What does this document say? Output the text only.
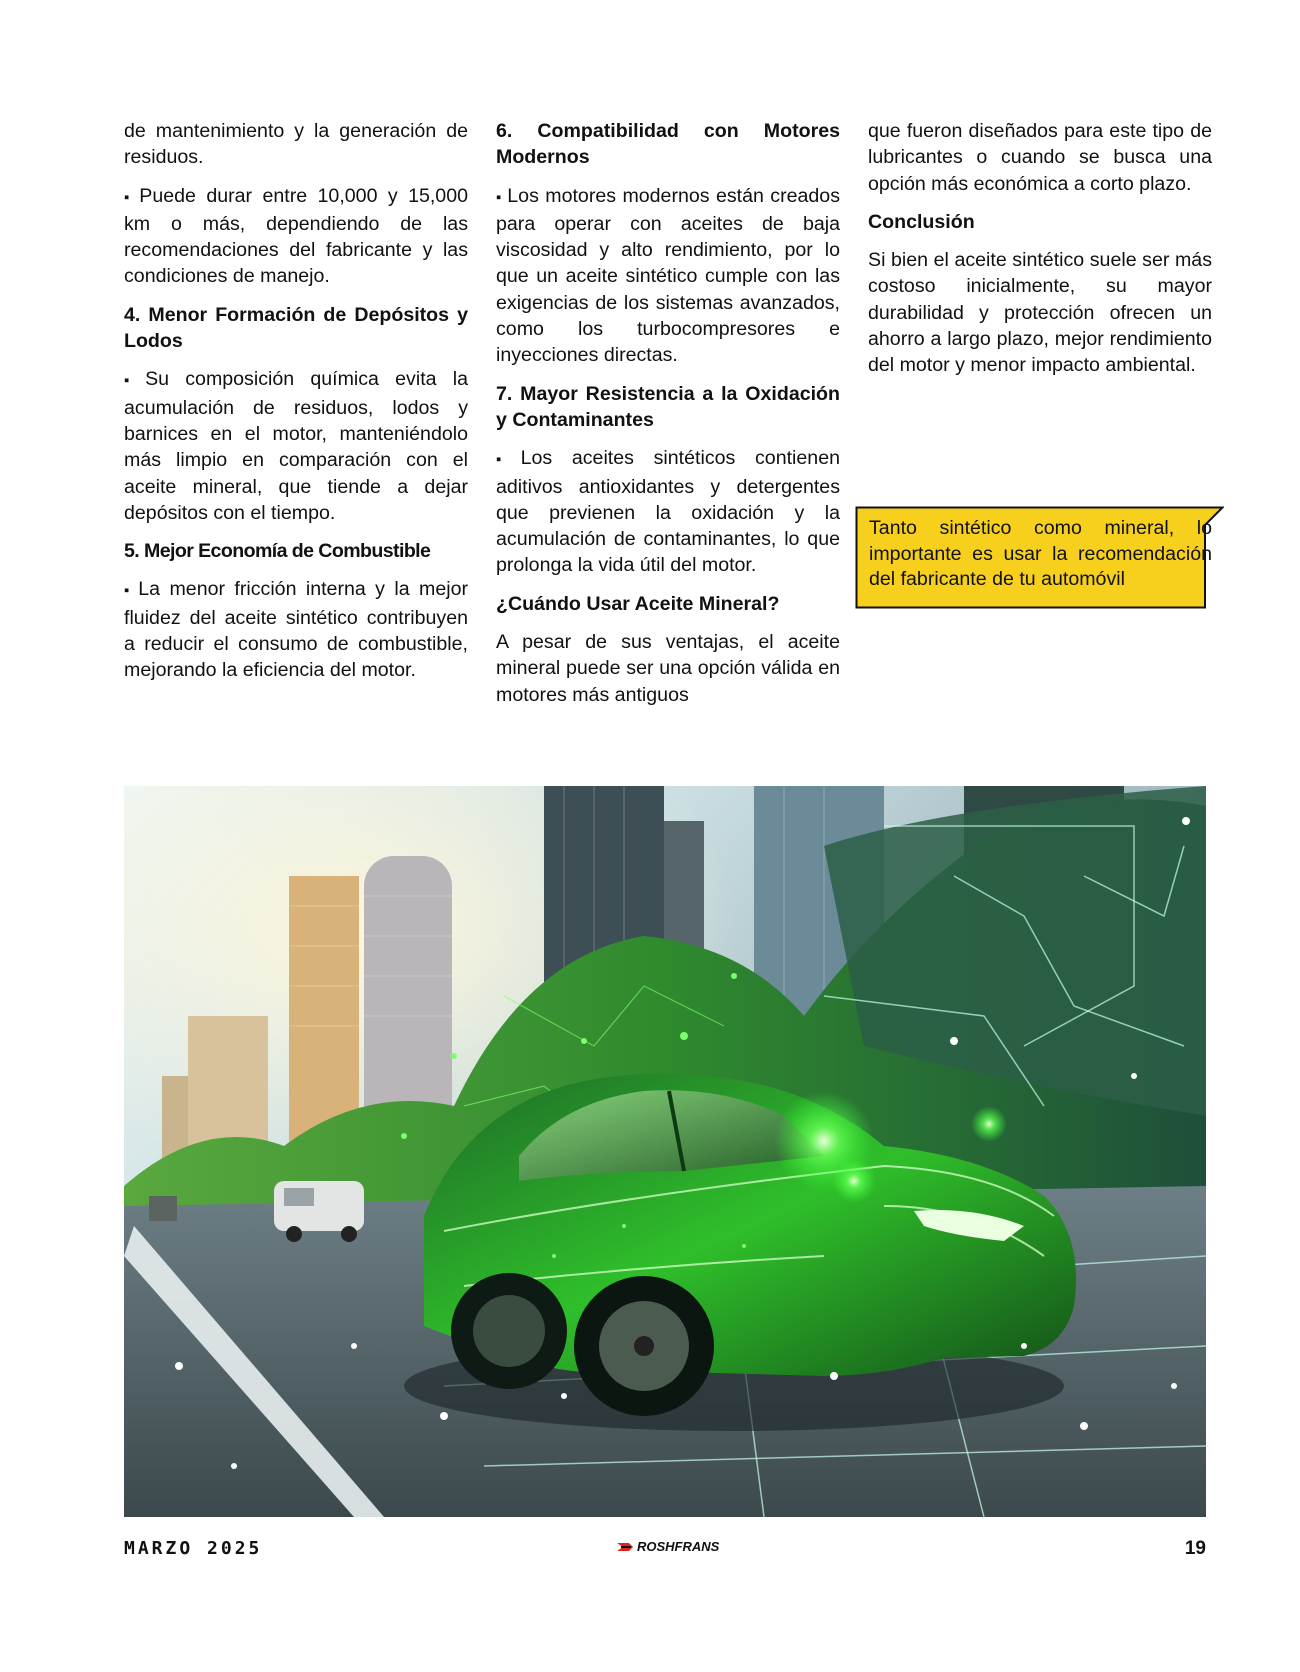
de mantenimiento y la generación de residuos.

▪ Puede durar entre 10,000 y 15,000 km o más, dependiendo de las recomendaciones del fabricante y las condiciones de manejo.

4. Menor Formación de Depósitos y Lodos

▪ Su composición química evita la acumulación de residuos, lodos y barnices en el motor, manteniéndolo más limpio en comparación con el aceite mineral, que tiende a dejar depósitos con el tiempo.

5. Mejor Economía de Combustible

▪ La menor fricción interna y la mejor fluidez del aceite sintético contribuyen a reducir el consumo de combustible, mejorando la eficiencia del motor.

6. Compatibilidad con Motores Modernos

▪ Los motores modernos están creados para operar con aceites de baja viscosidad y alto rendimiento, por lo que un aceite sintético cumple con las exigencias de los sistemas avanzados, como los turbocompresores e inyecciones directas.

7. Mayor Resistencia a la Oxidación y Contaminantes

▪ Los aceites sintéticos contienen aditivos antioxidantes y detergentes que previenen la oxidación y la acumulación de contaminantes, lo que prolonga la vida útil del motor.

¿Cuándo Usar Aceite Mineral?

A pesar de sus ventajas, el aceite mineral puede ser una opción válida en motores más antiguos

que fueron diseñados para este tipo de lubricantes o cuando se busca una opción más económica a corto plazo.

Conclusión

Si bien el aceite sintético suele ser más costoso inicialmente, su mayor durabilidad y protección ofrecen un ahorro a largo plazo, mejor rendimiento del motor y menor impacto ambiental.

Tanto sintético como mineral, lo importante es usar la recomendación del fabricante de tu automóvil
MARZO 2025	ROSHFRANS	19
